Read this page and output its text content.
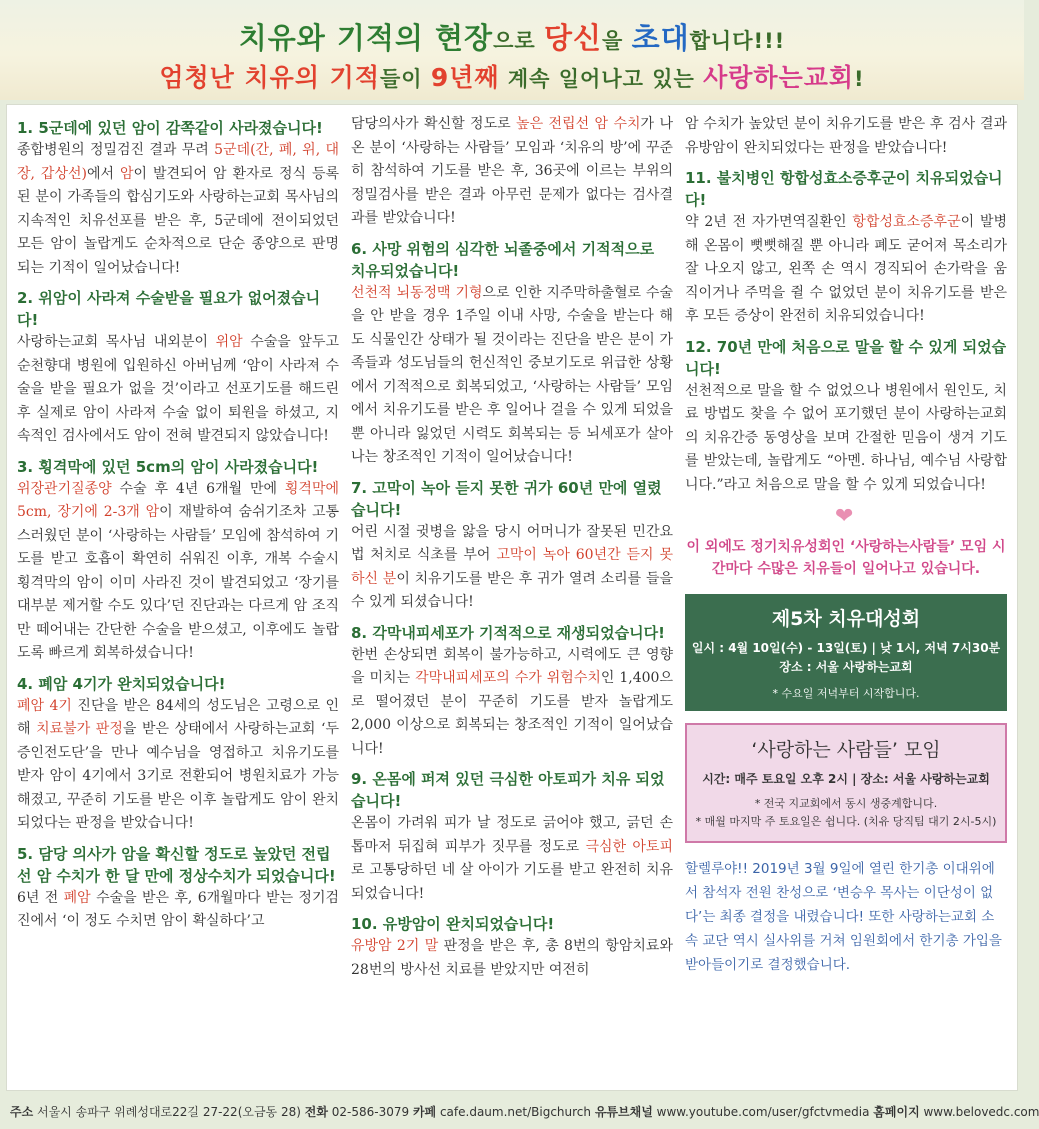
치유와 기적의 현장으로 당신을 초대합니다!!!
엄청난 치유의 기적들이 9년째 계속 일어나고 있는 사랑하는교회!
1. 5군데에 있던 암이 감쪽같이 사라졌습니다!
종합병원의 정밀검진 결과 무려 5군데(간, 폐, 위, 대장, 갑상선)에서 암이 발견되어 암 환자로 정식 등록된 분이 가족들의 합심기도와 사랑하는교회 목사님의 지속적인 치유선포를 받은 후, 5군데에 전이되었던 모든 암이 놀랍게도 순차적으로 단순 종양으로 판명되는 기적이 일어났습니다!
2. 위암이 사라져 수술받을 필요가 없어졌습니다!
사랑하는교회 목사님 내외분이 위암 수술을 앞두고 순천향대 병원에 입원하신 아버님께 ‘암이 사라져 수술을 받을 필요가 없을 것’이라고 선포기도를 해드린 후 실제로 암이 사라져 수술 없이 퇴원을 하셨고, 지속적인 검사에서도 암이 전혀 발견되지 않았습니다!
3. 횡격막에 있던 5cm의 암이 사라졌습니다!
위장관기질종양 수술 후 4년 6개월 만에 횡격막에 5cm, 장기에 2-3개 암이 재발하여 숨쉬기조차 고통스러웠던 분이 ‘사랑하는 사람들’ 모임에 참석하여 기도를 받고 호흡이 확연히 쉬워진 이후, 개복 수술시 횡격막의 암이 이미 사라진 것이 발견되었고 ‘장기를 대부분 제거할 수도 있다’던 진단과는 다르게 암 조직만 떼어내는 간단한 수술을 받으셨고, 이후에도 놀랍도록 빠르게 회복하셨습니다!
4. 폐암 4기가 완치되었습니다!
폐암 4기 진단을 받은 84세의 성도님은 고령으로 인해 치료불가 판정을 받은 상태에서 사랑하는교회 ‘두증인전도단’을 만나 예수님을 영접하고 치유기도를 받자 암이 4기에서 3기로 전환되어 병원치료가 가능해졌고, 꾸준히 기도를 받은 이후 놀랍게도 암이 완치되었다는 판정을 받았습니다!
5. 담당 의사가 암을 확신할 정도로 높았던 전립선 암 수치가 한 달 만에 정상수치가 되었습니다!
6년 전 폐암 수술을 받은 후, 6개월마다 받는 정기검진에서 ‘이 정도 수치면 암이 확실하다’고
담당의사가 확신할 정도로 높은 전립선 암 수치가 나온 분이 ‘사랑하는 사람들’ 모임과 ‘치유의 방’에 꾸준히 참석하여 기도를 받은 후, 36곳에 이르는 부위의 정밀검사를 받은 결과 아무런 문제가 없다는 검사결과를 받았습니다!
6. 사망 위험의 심각한 뇌졸중에서 기적적으로 치유되었습니다!
선천적 뇌동정맥 기형으로 인한 지주막하출혈로 수술을 안 받을 경우 1주일 이내 사망, 수술을 받는다 해도 식물인간 상태가 될 것이라는 진단을 받은 분이 가족들과 성도님들의 헌신적인 중보기도로 위급한 상황에서 기적적으로 회복되었고, ‘사랑하는 사람들’ 모임에서 치유기도를 받은 후 일어나 걸을 수 있게 되었을 뿐 아니라 잃었던 시력도 회복되는 등 뇌세포가 살아나는 창조적인 기적이 일어났습니다!
7. 고막이 녹아 듣지 못한 귀가 60년 만에 열렸습니다!
어린 시절 귓병을 앓을 당시 어머니가 잘못된 민간요법 처치로 식초를 부어 고막이 녹아 60년간 듣지 못하신 분이 치유기도를 받은 후 귀가 열려 소리를 들을 수 있게 되셨습니다!
8. 각막내피세포가 기적적으로 재생되었습니다!
한번 손상되면 회복이 불가능하고, 시력에도 큰 영향을 미치는 각막내피세포의 수가 위험수치인 1,400으로 떨어졌던 분이 꾸준히 기도를 받자 놀랍게도 2,000 이상으로 회복되는 창조적인 기적이 일어났습니다!
9. 온몸에 퍼져 있던 극심한 아토피가 치유 되었습니다!
온몸이 가려워 피가 날 정도로 긁어야 했고, 긁던 손톱마저 뒤집혀 피부가 짓무를 정도로 극심한 아토피로 고통당하던 네 살 아이가 기도를 받고 완전히 치유되었습니다!
10. 유방암이 완치되었습니다!
유방암 2기 말 판정을 받은 후, 총 8번의 항암치료와 28번의 방사선 치료를 받았지만 여전히
암 수치가 높았던 분이 치유기도를 받은 후 검사 결과 유방암이 완치되었다는 판정을 받았습니다!
11. 불치병인 항합성효소증후군이 치유되었습니다!
약 2년 전 자가면역질환인 항합성효소증후군이 발병해 온몸이 뻣뻣해질 뿐 아니라 폐도 굳어져 목소리가 잘 나오지 않고, 왼쪽 손 역시 경직되어 손가락을 움직이거나 주먹을 쥘 수 없었던 분이 치유기도를 받은 후 모든 증상이 완전히 치유되었습니다!
12. 70년 만에 처음으로 말을 할 수 있게 되었습니다!
선천적으로 말을 할 수 없었으나 병원에서 원인도, 치료 방법도 찾을 수 없어 포기했던 분이 사랑하는교회의 치유간증 동영상을 보며 간절한 믿음이 생겨 기도를 받았는데, 놀랍게도 “아멘. 하나님, 예수님 사랑합니다.”라고 처음으로 말을 할 수 있게 되었습니다!
❤
이 외에도 정기치유성회인 ‘사랑하는사람들’ 모임 시간마다 수많은 치유들이 일어나고 있습니다.
제5차 치유대성회
일시 : 4월 10일(수) - 13일(토) | 낮 1시, 저녁 7시30분
장소 : 서울 사랑하는교회
* 수요일 저녁부터 시작합니다.
‘사랑하는 사람들’ 모임
시간: 매주 토요일 오후 2시 | 장소: 서울 사랑하는교회
* 전국 지교회에서 동시 생중계합니다.
* 매월 마지막 주 토요일은 쉽니다. (치유 당직팀 대기 2시-5시)
할렐루야!! 2019년 3월 9일에 열린 한기총 이대위에서 참석자 전원 찬성으로 ‘변승우 목사는 이단성이 없다’는 최종 결정을 내렸습니다! 또한 사랑하는교회 소속 교단 역시 실사위를 거쳐 임원회에서 한기총 가입을 받아들이기로 결정했습니다.
주소 서울시 송파구 위례성대로22길 27-22(오금동 28) 전화 02-586-3079 카페 cafe.daum.net/Bigchurch 유튜브채널 www.youtube.com/user/gfctvmedia 홈페이지 www.belovedc.com
